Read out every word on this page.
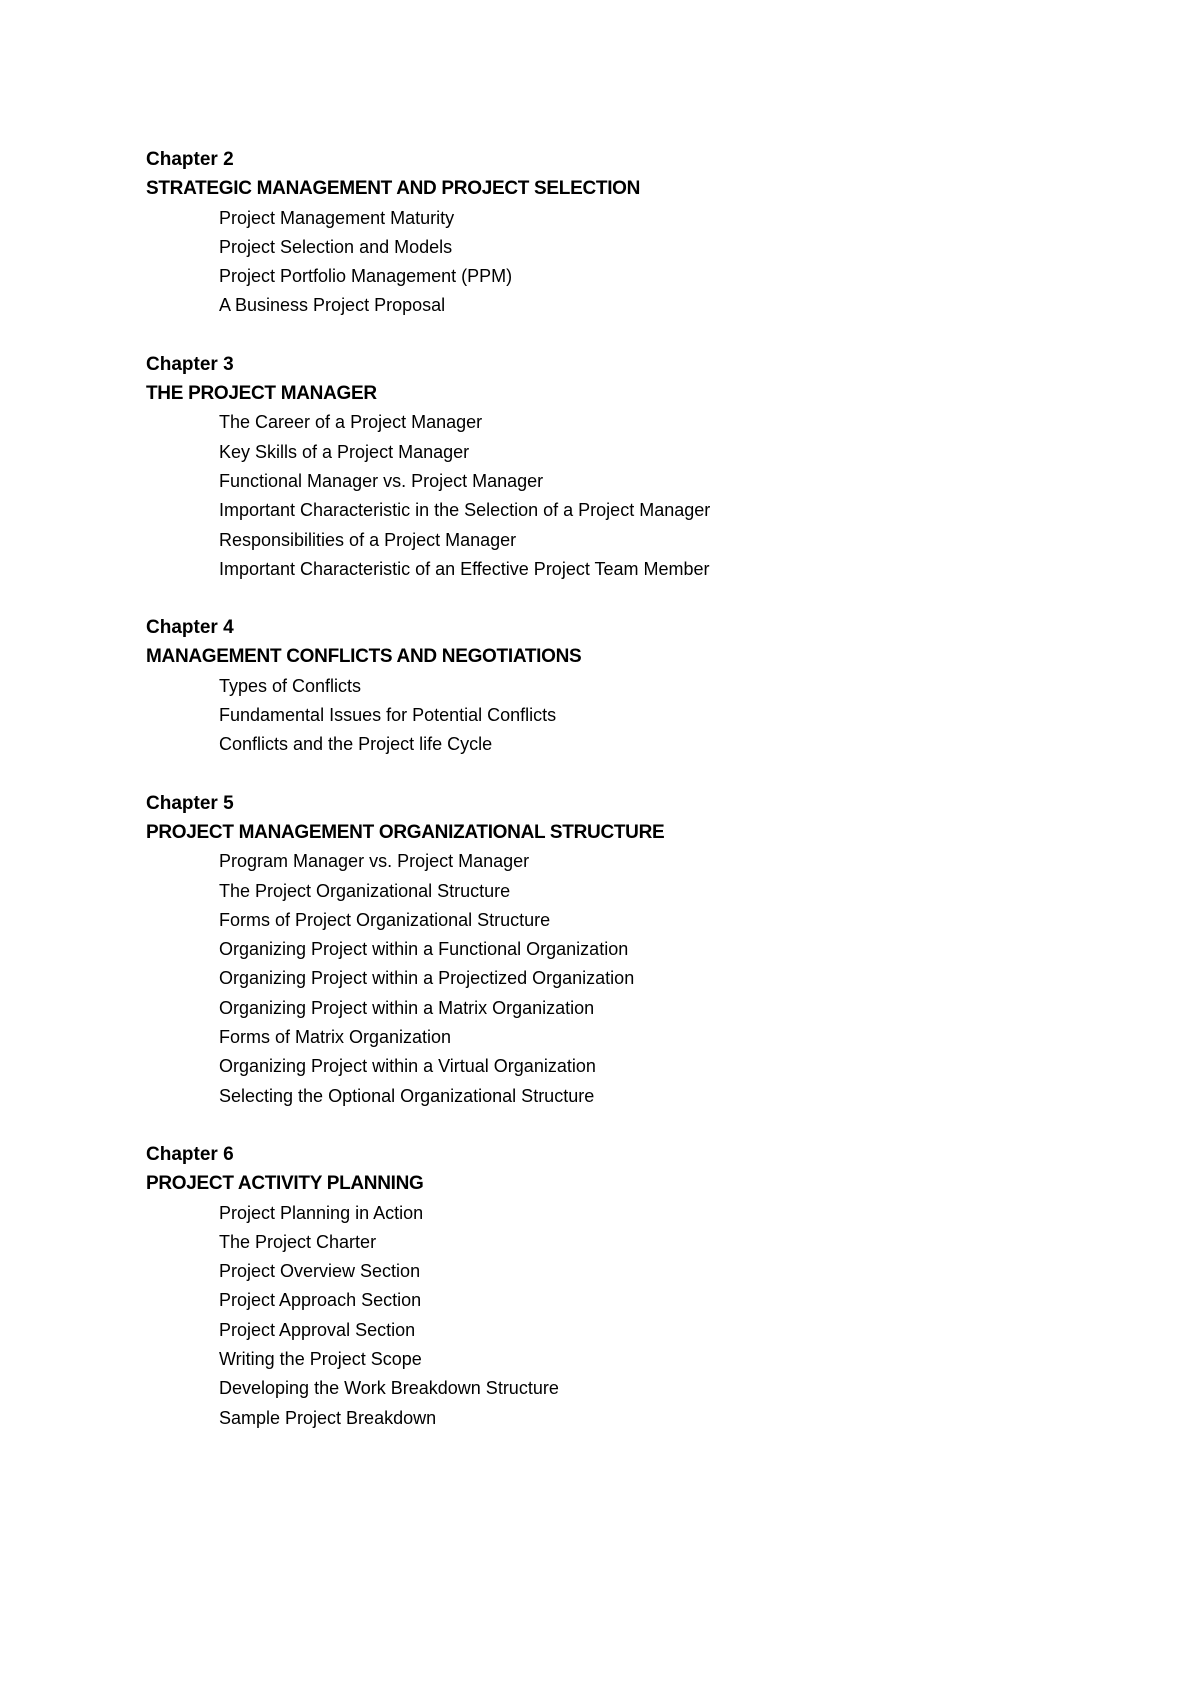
Chapter 2
STRATEGIC MANAGEMENT AND PROJECT SELECTION
Project Management Maturity
Project Selection and Models
Project Portfolio Management (PPM)
A Business Project Proposal
Chapter 3
THE PROJECT MANAGER
The Career of a Project Manager
Key Skills of a Project Manager
Functional Manager vs. Project Manager
Important Characteristic in the Selection of a Project Manager
Responsibilities of a Project Manager
Important Characteristic of an Effective Project Team Member
Chapter 4
MANAGEMENT CONFLICTS AND NEGOTIATIONS
Types of Conflicts
Fundamental Issues for Potential Conflicts
Conflicts and the Project life Cycle
Chapter 5
PROJECT MANAGEMENT ORGANIZATIONAL STRUCTURE
Program Manager vs. Project Manager
The Project Organizational Structure
Forms of Project Organizational Structure
Organizing Project within a Functional Organization
Organizing Project within a Projectized Organization
Organizing Project within a Matrix Organization
Forms of Matrix Organization
Organizing Project within a Virtual Organization
Selecting the Optional Organizational Structure
Chapter 6
PROJECT ACTIVITY PLANNING
Project Planning in Action
The Project Charter
Project Overview Section
Project Approach Section
Project Approval Section
Writing the Project Scope
Developing the Work Breakdown Structure
Sample Project Breakdown
